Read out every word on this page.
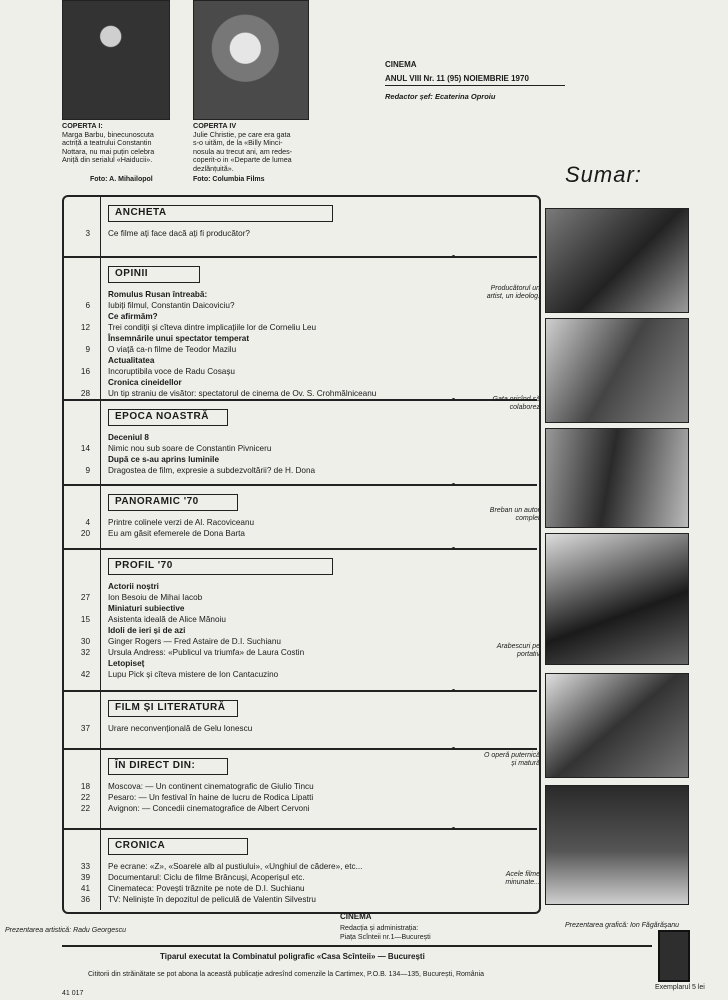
COPERTA I:
Marga Barbu, binecunoscuta
actriță a teatrului Constantin
Nottara, nu mai puțin celebra
Aniță din serialul «Haiducii».
Foto: A. Mihailopol
COPERTA IV
Julie Christie, pe care era gata
s-o uităm, de la «Billy Minci-
nosula au trecut ani, am redes-
coperit-o in «Departe de lumea
dezlănțuită».
Foto: Columbia Films
CINEMA
ANUL VIII Nr. 11 (95) NOIEMBRIE 1970
Redactor șef: Ecaterina Oproiu
Sumar:
ANCHETA
3 Ce filme ați face dacă ați fi producător?
OPINII
Romulus Rusan întreabă:
6 Iubiți filmul, Constantin Daicoviciu?
Ce afirmăm?
12 Trei condiții și cîteva dintre implicațiile lor de Corneliu Leu
Însemnările unui spectator temperat
9 O viață ca-n filme de Teodor Mazilu
Actualitatea
16 Incoruptibila voce de Radu Cosașu
Cronica cineidellor
28 Un tip straniu de visător: spectatorul de cinema de Ov. S. Crohmălniceanu
EPOCA NOASTRĂ
Deceniul 8
14 Nimic nou sub soare de Constantin Pivniceru
După ce s-au aprins luminile
9 Dragostea de film, expresie a subdezvoltării? de H. Dona
PANORAMIC '70
4 Printre colinele verzi de Al. Racoviceanu
20 Eu am găsit efemerele de Dona Barta
PROFIL '70
Actorii noștri
27 Ion Besoiu de Mihai Iacob
Miniaturi subiective
15 Asistenta ideală de Alice Mănoiu
Idoli de ieri și de azi
30 Ginger Rogers — Fred Astaire de D.I. Suchianu
32 Ursula Andress: «Publicul va triumfa» de Laura Costin
Letopiseț
42 Lupu Pick și cîteva mistere de Ion Cantacuzino
FILM ȘI LITERATURĂ
37 Urare neconvențională de Gelu Ionescu
ÎN DIRECT DIN:
18 Moscova: — Un continent cinematografic de Giulio Tincu
22 Pesaro: — Un festival în haine de lucru de Rodica Lipatti
22 Avignon: — Concedii cinematografice de Albert Cervoni
CRONICA
33 Pe ecrane: «Z», «Soarele alb al pustiului», «Unghiul de cădere», etc...
39 Documentarul: Ciclu de filme Brâncuși, Acoperișul etc.
41 Cinemateca: Povești trăznite pe note de D.I. Suchianu
36 TV: Neliniște în depozitul de peliculă de Valentin Silvestru
Producătorul un artist, un ideolog.
Gata oricînd să colaborez
Breban un autor complet
Arabescuri pe portativ
O operă puternică și matură
Acele filme minunate...
Prezentarea artistică: Radu Georgescu
CINEMA
Redacția și administrația:
Piața Scînteii nr.1—București
Prezentarea grafică: Ion Făgărășanu
Tiparul executat la Combinatul poligrafic «Casa Scînteii» — București
Cititorii din străinătate se pot abona la această publicație adresînd comenzile la Cartimex, P.O.B. 134—135, București, România
Exemplarul 5 lei
41 017
